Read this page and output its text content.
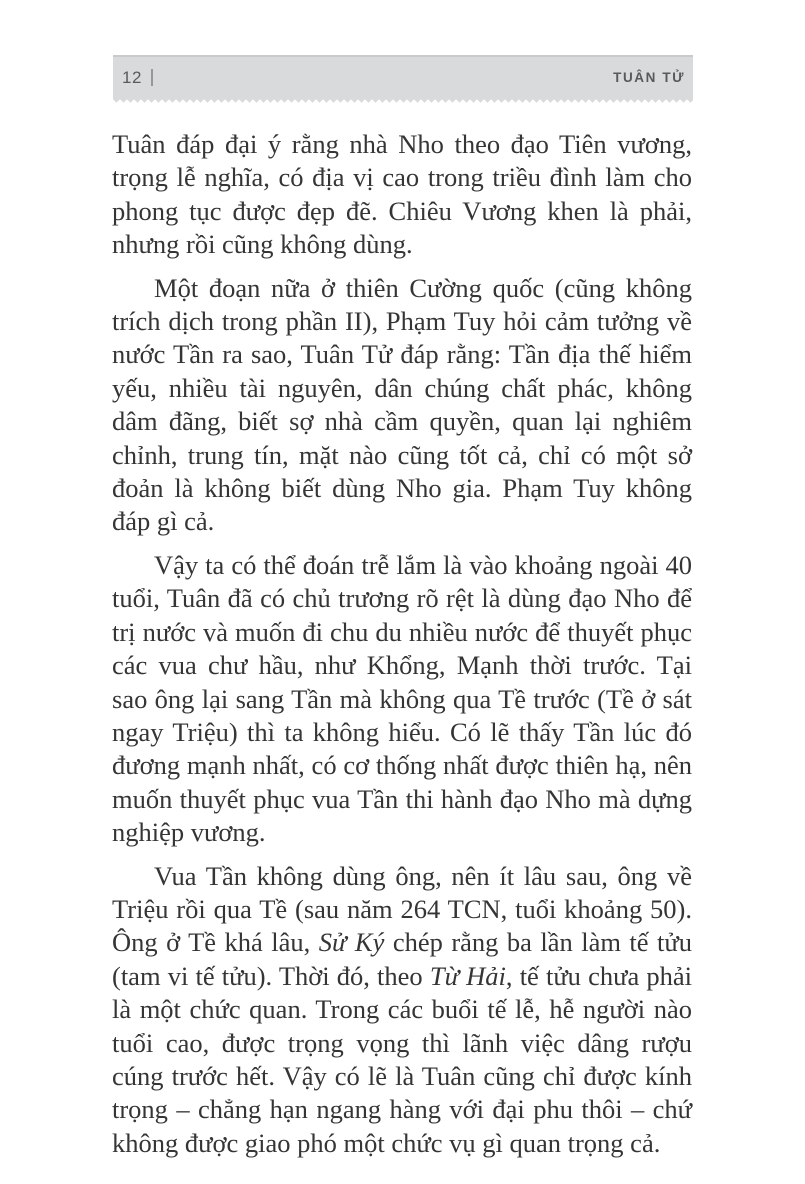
12	TUÂN TỬ

Tuân đáp đại ý rằng nhà Nho theo đạo Tiên vương, trọng lễ nghĩa, có địa vị cao trong triều đình làm cho phong tục được đẹp đẽ. Chiêu Vương khen là phải, nhưng rồi cũng không dùng.

Một đoạn nữa ở thiên Cường quốc (cũng không trích dịch trong phần II), Phạm Tuy hỏi cảm tưởng về nước Tần ra sao, Tuân Tử đáp rằng: Tần địa thế hiểm yếu, nhiều tài nguyên, dân chúng chất phác, không dâm đãng, biết sợ nhà cầm quyền, quan lại nghiêm chỉnh, trung tín, mặt nào cũng tốt cả, chỉ có một sở đoản là không biết dùng Nho gia. Phạm Tuy không đáp gì cả.

Vậy ta có thể đoán trễ lắm là vào khoảng ngoài 40 tuổi, Tuân đã có chủ trương rõ rệt là dùng đạo Nho để trị nước và muốn đi chu du nhiều nước để thuyết phục các vua chư hầu, như Khổng, Mạnh thời trước. Tại sao ông lại sang Tần mà không qua Tề trước (Tề ở sát ngay Triệu) thì ta không hiểu. Có lẽ thấy Tần lúc đó đương mạnh nhất, có cơ thống nhất được thiên hạ, nên muốn thuyết phục vua Tần thi hành đạo Nho mà dựng nghiệp vương.

Vua Tần không dùng ông, nên ít lâu sau, ông về Triệu rồi qua Tề (sau năm 264 TCN, tuổi khoảng 50). Ông ở Tề khá lâu, Sử Ký chép rằng ba lần làm tế tửu (tam vi tế tửu). Thời đó, theo Từ Hải, tế tửu chưa phải là một chức quan. Trong các buổi tế lễ, hễ người nào tuổi cao, được trọng vọng thì lãnh việc dâng rượu cúng trước hết. Vậy có lẽ là Tuân cũng chỉ được kính trọng – chẳng hạn ngang hàng với đại phu thôi – chứ không được giao phó một chức vụ gì quan trọng cả.
